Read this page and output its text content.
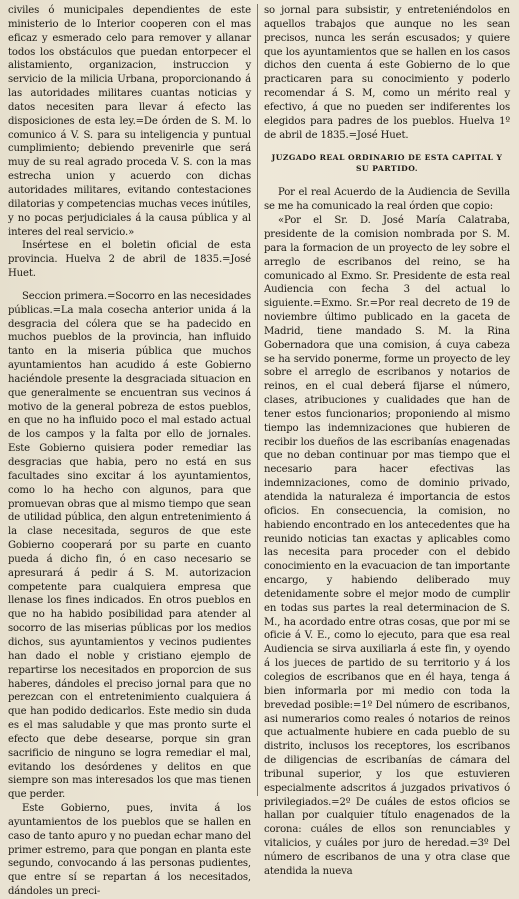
civiles ó municipales dependientes de este ministerio de lo Interior cooperen con el mas eficaz y esmerado celo para remover y allanar todos los obstáculos que puedan entorpecer el alistamiento, organizacion, instruccion y servicio de la milicia Urbana, proporcionando á las autoridades militares cuantas noticias y datos necesiten para llevar á efecto las disposiciones de esta ley.=De órden de S. M. lo comunico á V. S. para su inteligencia y puntual cumplimiento; debiendo prevenirle que será muy de su real agrado proceda V. S. con la mas estrecha union y acuerdo con dichas autoridades militares, evitando contestaciones dilatorias y competencias muchas veces inútiles, y no pocas perjudiciales á la causa pública y al interes del real servicio.»

Insértese en el boletin oficial de esta provincia. Huelva 2 de abril de 1835.=José Huet.

Seccion primera.=Socorro en las necesidades públicas.=La mala cosecha anterior unida á la desgracia del cólera que se ha padecido en muchos pueblos de la provincia, han influido tanto en la miseria pública que muchos ayuntamientos han acudido á este Gobierno haciéndole presente la desgraciada situacion en que generalmente se encuentran sus vecinos á motivo de la general pobreza de estos pueblos, en que no ha influido poco el mal estado actual de los campos y la falta por ello de jornales. Este Gobierno quisiera poder remediar las desgracias que habia, pero no está en sus facultades sino excitar á los ayuntamientos, como lo ha hecho con algunos, para que promuevan obras que al mismo tiempo que sean de utilidad pública, den algun entretenimiento á la clase necesitada, seguros de que este Gobierno cooperará por su parte en cuanto pueda á dicho fin, ó en caso necesario se apresurará á pedir á S. M. autorizacion competente para cualquiera empresa que llenase los fines indicados. En otros pueblos en que no ha habido posibilidad para atender al socorro de las miserias públicas por los medios dichos, sus ayuntamientos y vecinos pudientes han dado el noble y cristiano ejemplo de repartirse los necesitados en proporcion de sus haberes, dándoles el preciso jornal para que no perezcan con el entretenimiento cualquiera á que han podido dedicarlos. Este medio sin duda es el mas saludable y que mas pronto surte el efecto que debe desearse, porque sin gran sacrificio de ninguno se logra remediar el mal, evitando los desórdenes y delitos en que siempre son mas interesados los que mas tienen que perder.

Este Gobierno, pues, invita á los ayuntamientos de los pueblos que se hallen en caso de tanto apuro y no puedan echar mano del primer estremo, para que pongan en planta este segundo, convocando á las personas pudientes, que entre sí se repartan á los necesitados, dándoles un preci-

so jornal para subsistir, y entreteniéndolos en aquellos trabajos que aunque no les sean precisos, nunca les serán escusados; y quiere que los ayuntamientos que se hallen en los casos dichos den cuenta á este Gobierno de lo que practicaren para su conocimiento y poderlo recomendar á S. M, como un mérito real y efectivo, á que no pueden ser indiferentes los elegidos para padres de los pueblos. Huelva 1º de abril de 1835.=José Huet.

JUZGADO REAL ORDINARIO DE ESTA CAPITAL Y SU PARTIDO.

Por el real Acuerdo de la Audiencia de Sevilla se me ha comunicado la real órden que copio:

«Por el Sr. D. José María Calatraba, presidente de la comision nombrada por S. M. para la formacion de un proyecto de ley sobre el arreglo de escribanos del reino, se ha comunicado al Exmo. Sr. Presidente de esta real Audiencia con fecha 3 del actual lo siguiente.=Exmo. Sr.=Por real decreto de 19 de noviembre último publicado en la gaceta de Madrid, tiene mandado S. M. la Rina Gobernadora que una comision, á cuya cabeza se ha servido ponerme, forme un proyecto de ley sobre el arreglo de escribanos y notarios de reinos, en el cual deberá fijarse el número, clases, atribuciones y cualidades que han de tener estos funcionarios; proponiendo al mismo tiempo las indemnizaciones que hubieren de recibir los dueños de las escribanías enagenadas que no deban continuar por mas tiempo que el necesario para hacer efectivas las indemnizaciones, como de dominio privado, atendida la naturaleza é importancia de estos oficios. En consecuencia, la comision, no habiendo encontrado en los antecedentes que ha reunido noticias tan exactas y aplicables como las necesita para proceder con el debido conocimiento en la evacuacion de tan importante encargo, y habiendo deliberado muy detenidamente sobre el mejor modo de cumplir en todas sus partes la real determinacion de S. M., ha acordado entre otras cosas, que por mi se oficie á V. E., como lo ejecuto, para que esa real Audiencia se sirva auxiliarla á este fin, y oyendo á los jueces de partido de su territorio y á los colegios de escribanos que en él haya, tenga á bien informarla por mi medio con toda la brevedad posible:=1º Del número de escribanos, asi numerarios como reales ó notarios de reinos que actualmente hubiere en cada pueblo de su distrito, inclusos los receptores, los escribanos de diligencias de escribanías de cámara del tribunal superior, y los que estuvieren especialmente adscritos á juzgados privativos ó privilegiados.=2º De cuáles de estos oficios se hallan por cualquier título enagenados de la corona: cuáles de ellos son renunciables y vitalicios, y cuáles por juro de heredad.=3º Del número de escribanos de una y otra clase que atendida la nueva
